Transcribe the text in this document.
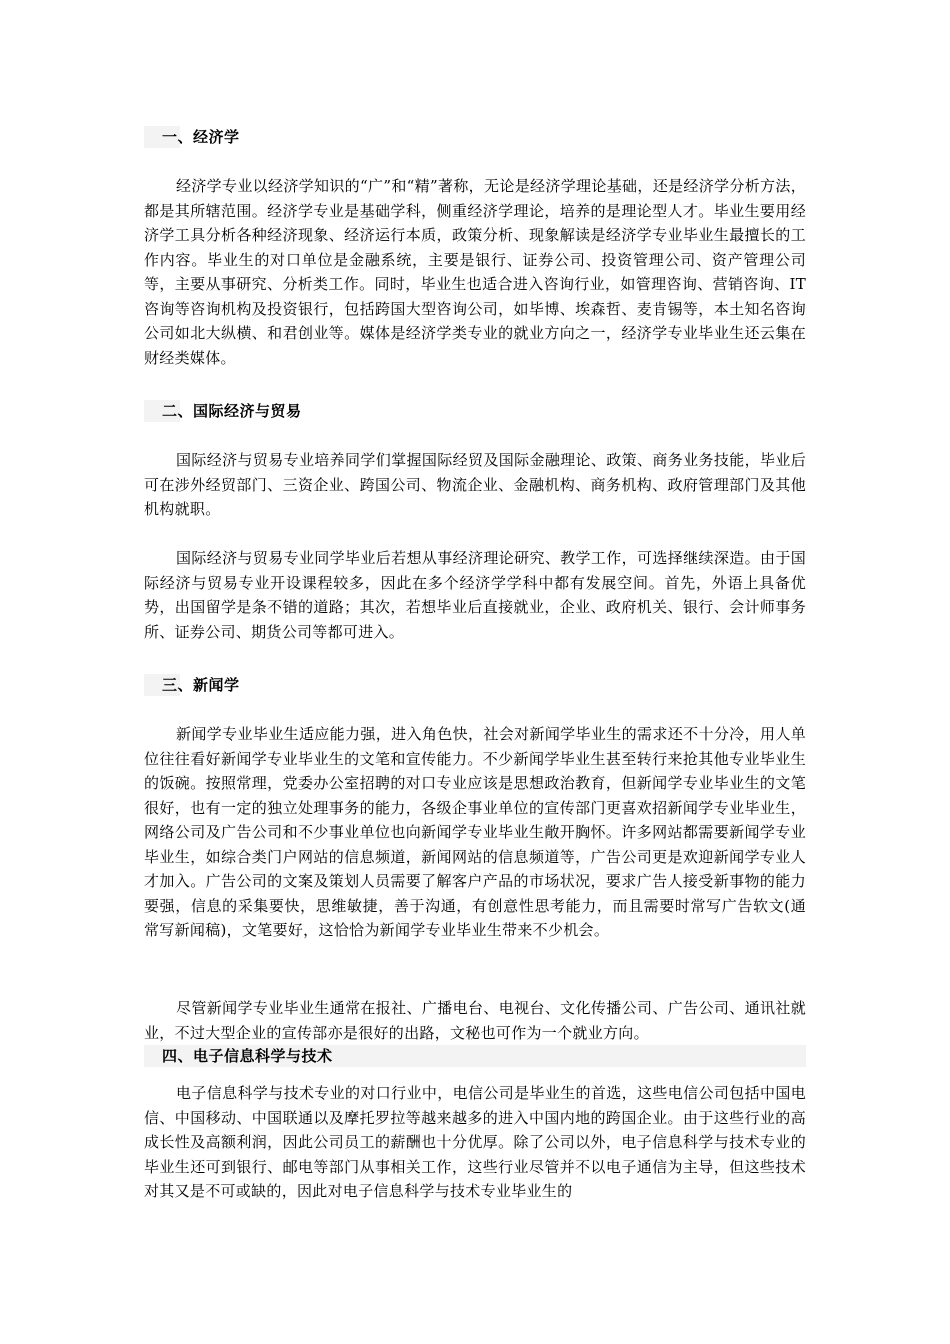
一、经济学

经济学专业以经济学知识的“广”和“精”著称，无论是经济学理论基础，还是经济学分析方法，都是其所辖范围。经济学专业是基础学科，侧重经济学理论，培养的是理论型人才。毕业生要用经济学工具分析各种经济现象、经济运行本质，政策分析、现象解读是经济学专业毕业生最擅长的工作内容。毕业生的对口单位是金融系统，主要是银行、证券公司、投资管理公司、资产管理公司等，主要从事研究、分析类工作。同时，毕业生也适合进入咨询行业，如管理咨询、营销咨询、IT咨询等咨询机构及投资银行，包括跨国大型咨询公司，如毕博、埃森哲、麦肯锡等，本土知名咨询公司如北大纵横、和君创业等。媒体是经济学类专业的就业方向之一，经济学专业毕业生还云集在财经类媒体。

二、国际经济与贸易

国际经济与贸易专业培养同学们掌握国际经贸及国际金融理论、政策、商务业务技能，毕业后可在涉外经贸部门、三资企业、跨国公司、物流企业、金融机构、商务机构、政府管理部门及其他机构就职。

国际经济与贸易专业同学毕业后若想从事经济理论研究、教学工作，可选择继续深造。由于国际经济与贸易专业开设课程较多，因此在多个经济学学科中都有发展空间。首先，外语上具备优势，出国留学是条不错的道路；其次，若想毕业后直接就业，企业、政府机关、银行、会计师事务所、证券公司、期货公司等都可进入。

三、新闻学

新闻学专业毕业生适应能力强，进入角色快，社会对新闻学毕业生的需求还不十分冷，用人单位往往看好新闻学专业毕业生的文笔和宣传能力。不少新闻学毕业生甚至转行来抢其他专业毕业生的饭碗。按照常理，党委办公室招聘的对口专业应该是思想政治教育，但新闻学专业毕业生的文笔很好，也有一定的独立处理事务的能力，各级企事业单位的宣传部门更喜欢招新闻学专业毕业生，网络公司及广告公司和不少事业单位也向新闻学专业毕业生敞开胸怀。许多网站都需要新闻学专业毕业生，如综合类门户网站的信息频道，新闻网站的信息频道等，广告公司更是欢迎新闻学专业人才加入。广告公司的文案及策划人员需要了解客户产品的市场状况，要求广告人接受新事物的能力要强，信息的采集要快，思维敏捷，善于沟通，有创意性思考能力，而且需要时常写广告软文(通常写新闻稿)，文笔要好，这恰恰为新闻学专业毕业生带来不少机会。

尽管新闻学专业毕业生通常在报社、广播电台、电视台、文化传播公司、广告公司、通讯社就业，不过大型企业的宣传部亦是很好的出路，文秘也可作为一个就业方向。

四、电子信息科学与技术

电子信息科学与技术专业的对口行业中，电信公司是毕业生的首选，这些电信公司包括中国电信、中国移动、中国联通以及摩托罗拉等越来越多的进入中国内地的跨国企业。由于这些行业的高成长性及高额利润，因此公司员工的薪酬也十分优厚。除了公司以外，电子信息科学与技术专业的毕业生还可到银行、邮电等部门从事相关工作，这些行业尽管并不以电子通信为主导，但这些技术对其又是不可或缺的，因此对电子信息科学与技术专业毕业生的
